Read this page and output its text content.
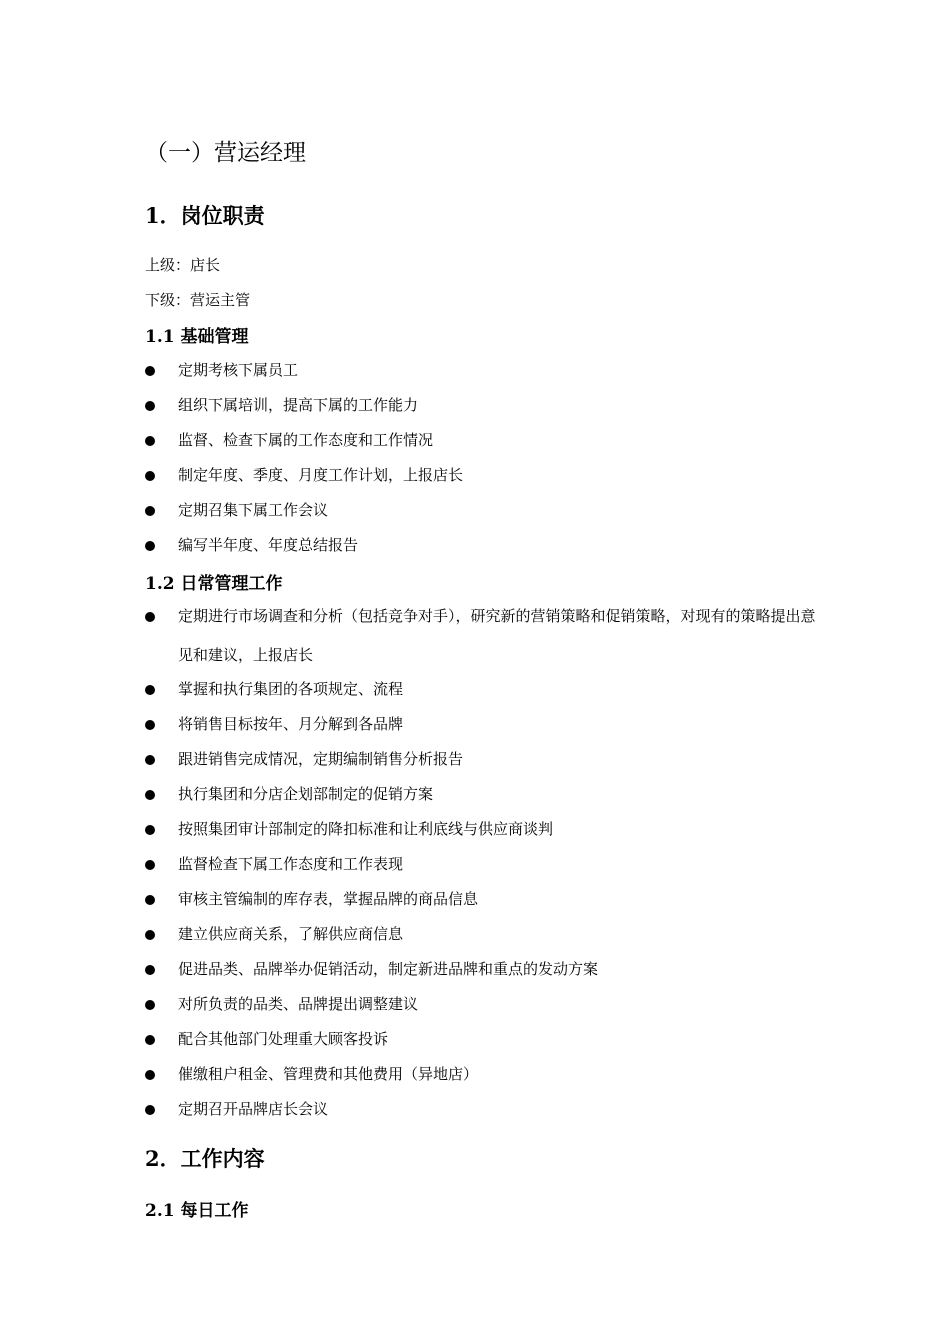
（一）营运经理
1．岗位职责
上级：店长
下级：营运主管
1.1 基础管理
定期考核下属员工
组织下属培训，提高下属的工作能力
监督、检查下属的工作态度和工作情况
制定年度、季度、月度工作计划，上报店长
定期召集下属工作会议
编写半年度、年度总结报告
1.2 日常管理工作
定期进行市场调查和分析（包括竞争对手），研究新的营销策略和促销策略，对现有的策略提出意见和建议，上报店长
掌握和执行集团的各项规定、流程
将销售目标按年、月分解到各品牌
跟进销售完成情况，定期编制销售分析报告
执行集团和分店企划部制定的促销方案
按照集团审计部制定的降扣标准和让利底线与供应商谈判
监督检查下属工作态度和工作表现
审核主管编制的库存表，掌握品牌的商品信息
建立供应商关系，了解供应商信息
促进品类、品牌举办促销活动，制定新进品牌和重点的发动方案
对所负责的品类、品牌提出调整建议
配合其他部门处理重大顾客投诉
催缴租户租金、管理费和其他费用（异地店）
定期召开品牌店长会议
2．工作内容
2.1 每日工作
